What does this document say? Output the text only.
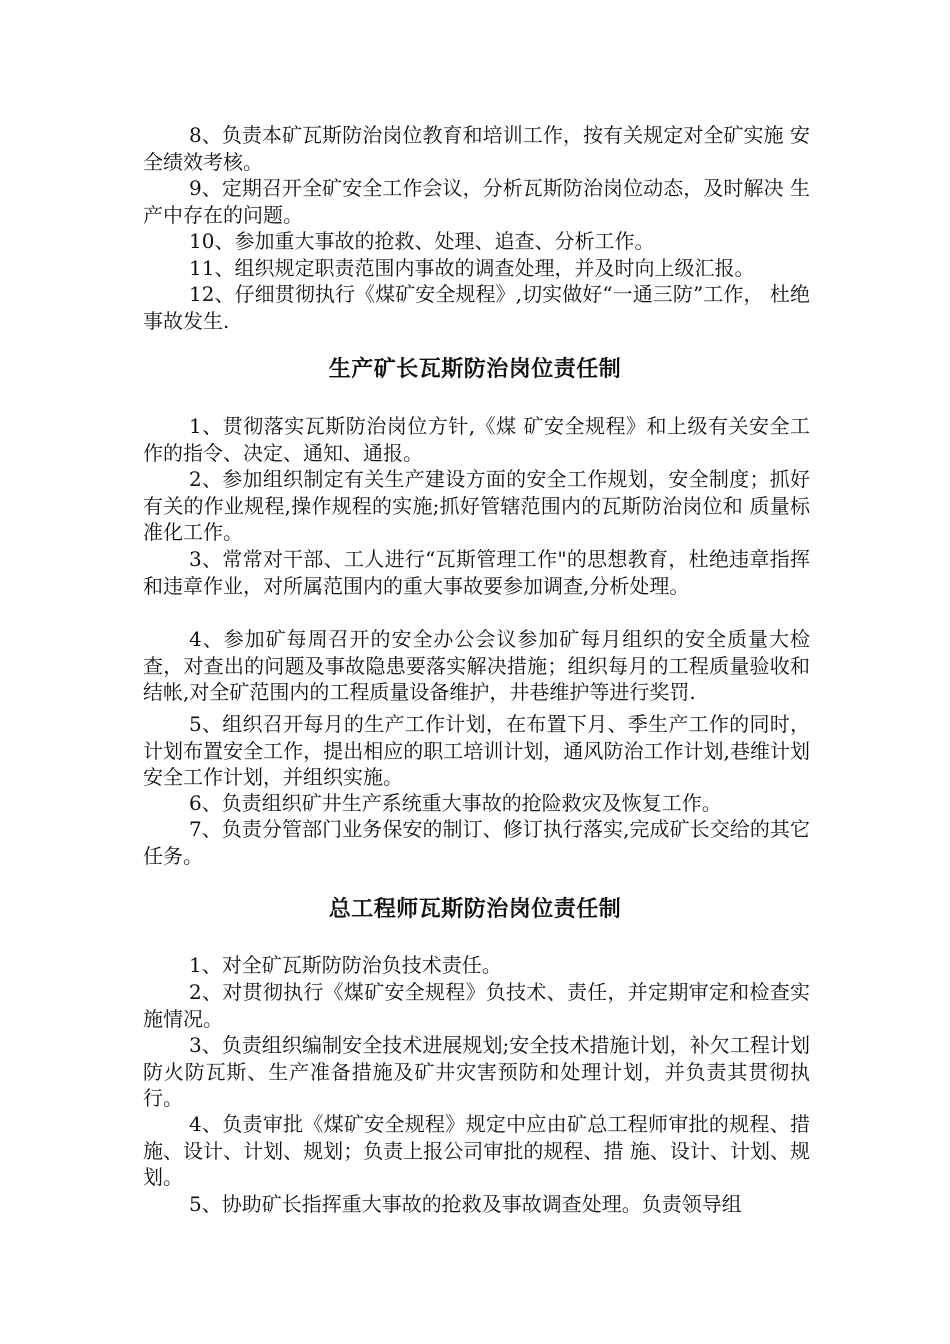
8、负责本矿瓦斯防治岗位教育和培训工作，按有关规定对全矿实施 安全绩效考核。

9、定期召开全矿安全工作会议，分析瓦斯防治岗位动态，及时解决 生产中存在的问题。

10、参加重大事故的抢救、处理、追查、分析工作。

11、组织规定职责范围内事故的调查处理，并及时向上级汇报。

12、仔细贯彻执行《煤矿安全规程》,切实做好“一通三防”工作， 杜绝事故发生.

生产矿长瓦斯防治岗位责任制

1、贯彻落实瓦斯防治岗位方针,《煤 矿安全规程》和上级有关安全工作的指令、决定、通知、通报。

2、参加组织制定有关生产建设方面的安全工作规划，安全制度；抓好有关的作业规程,操作规程的实施;抓好管辖范围内的瓦斯防治岗位和 质量标准化工作。

3、常常对干部、工人进行“瓦斯管理工作"的思想教育，杜绝违章指挥和违章作业，对所属范围内的重大事故要参加调查,分析处理。

4、参加矿每周召开的安全办公会议参加矿每月组织的安全质量大检查，对查出的问题及事故隐患要落实解决措施；组织每月的工程质量验收和结帐,对全矿范围内的工程质量设备维护，井巷维护等进行奖罚.

5、组织召开每月的生产工作计划，在布置下月、季生产工作的同时，计划布置安全工作，提出相应的职工培训计划，通风防治工作计划,巷维计划安全工作计划，并组织实施。

6、负责组织矿井生产系统重大事故的抢险救灾及恢复工作。

7、负责分管部门业务保安的制订、修订执行落实,完成矿长交给的其它任务。

总工程师瓦斯防治岗位责任制

1、对全矿瓦斯防防治负技术责任。

2、对贯彻执行《煤矿安全规程》负技术、责任，并定期审定和检查实施情况。

3、负责组织编制安全技术进展规划;安全技术措施计划，补欠工程计划防火防瓦斯、生产准备措施及矿井灾害预防和处理计划，并负责其贯彻执行。

4、负责审批《煤矿安全规程》规定中应由矿总工程师审批的规程、措施、设计、计划、规划；负责上报公司审批的规程、措 施、设计、计划、规划。

5、协助矿长指挥重大事故的抢救及事故调查处理。负责领导组
